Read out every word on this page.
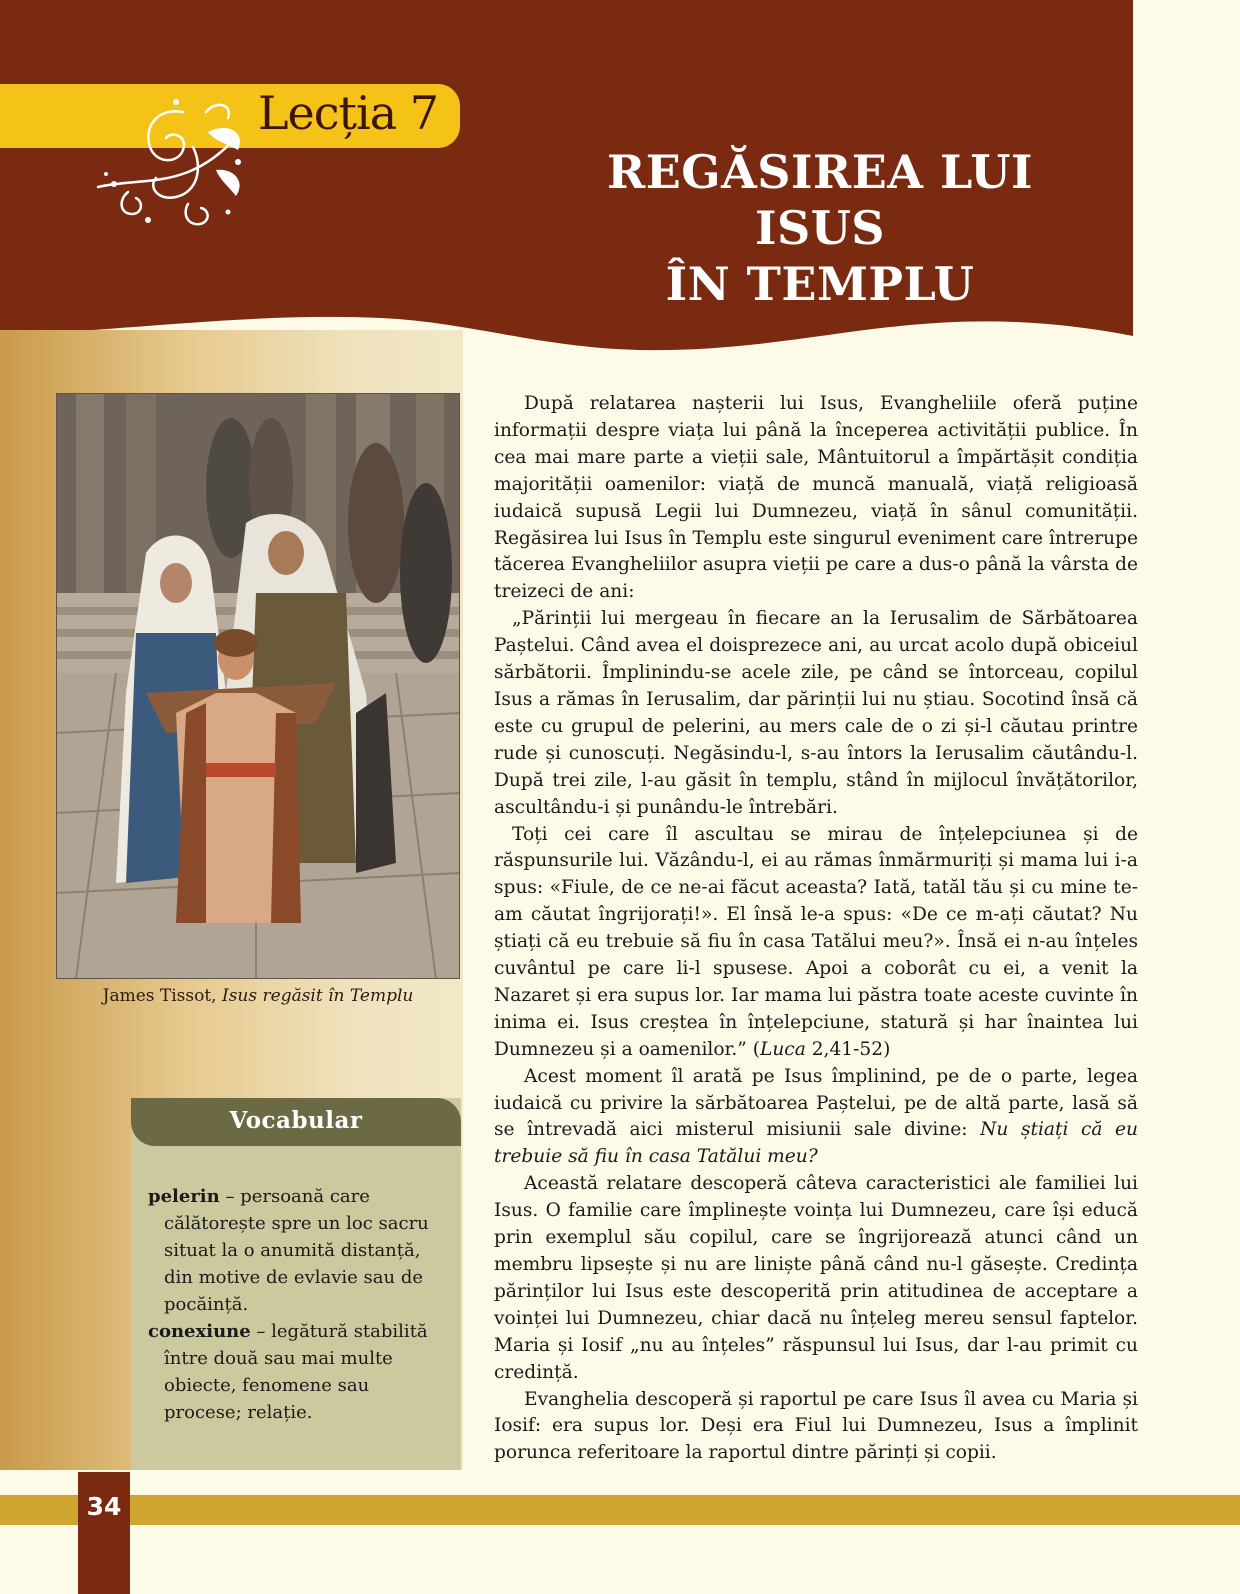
Lecția 7
REGĂSIREA LUI ISUS
ÎN TEMPLU
James Tissot, Isus regăsit în Templu
Vocabular

pelerin – persoană care călătorește spre un loc sacru situat la o anumită distanță, din motive de evlavie sau de pocăință.

conexiune – legătură stabilită între două sau mai multe obiecte, fenomene sau procese; relație.

După relatarea nașterii lui Isus, Evangheliile oferă puține informații despre viața lui până la începerea activității publice. În cea mai mare parte a vieții sale, Mântuitorul a împărtășit condiția majorității oamenilor: viață de muncă manuală, viață religioasă iudaică supusă Legii lui Dumnezeu, viață în sânul comunității. Regăsirea lui Isus în Templu este singurul eveniment care întrerupe tăcerea Evangheliilor asupra vieții pe care a dus-o până la vârsta de treizeci de ani:

„Părinții lui mergeau în fiecare an la Ierusalim de Sărbătoarea Paștelui. Când avea el doisprezece ani, au urcat acolo după obiceiul sărbătorii. Împlinindu-se acele zile, pe când se întorceau, copilul Isus a rămas în Ierusalim, dar părinții lui nu știau. Socotind însă că este cu grupul de pelerini, au mers cale de o zi și-l căutau printre rude și cunoscuți. Negăsindu-l, s-au întors la Ierusalim căutându-l. După trei zile, l-au găsit în templu, stând în mijlocul învățătorilor, ascultându-i și punându-le întrebări.

Toți cei care îl ascultau se mirau de înțelepciunea și de răspunsurile lui. Văzându-l, ei au rămas înmărmuriți și mama lui i-a spus: «Fiule, de ce ne-ai făcut aceasta? Iată, tatăl tău și cu mine te-am căutat îngrijorați!». El însă le-a spus: «De ce m-ați căutat? Nu știați că eu trebuie să fiu în casa Tatălui meu?». Însă ei n-au înțeles cuvântul pe care li-l spusese. Apoi a coborât cu ei, a venit la Nazaret și era supus lor. Iar mama lui păstra toate aceste cuvinte în inima ei. Isus creștea în înțelepciune, statură și har înaintea lui Dumnezeu și a oamenilor.” (Luca 2,41-52)

Acest moment îl arată pe Isus împlinind, pe de o parte, legea iudaică cu privire la sărbătoarea Paștelui, pe de altă parte, lasă să se întrevadă aici misterul misiunii sale divine: Nu știați că eu trebuie să fiu în casa Tatălui meu?

Această relatare descoperă câteva caracteristici ale familiei lui Isus. O familie care împlinește voința lui Dumnezeu, care își educă prin exemplul său copilul, care se îngrijorează atunci când un membru lipsește și nu are liniște până când nu-l găsește. Credința părinților lui Isus este descoperită prin atitudinea de acceptare a voinței lui Dumnezeu, chiar dacă nu înțeleg mereu sensul faptelor. Maria și Iosif „nu au înțeles” răspunsul lui Isus, dar l-au primit cu credință.

Evanghelia descoperă și raportul pe care Isus îl avea cu Maria și Iosif: era supus lor. Deși era Fiul lui Dumnezeu, Isus a împlinit porunca referitoare la raportul dintre părinți și copii.

34
